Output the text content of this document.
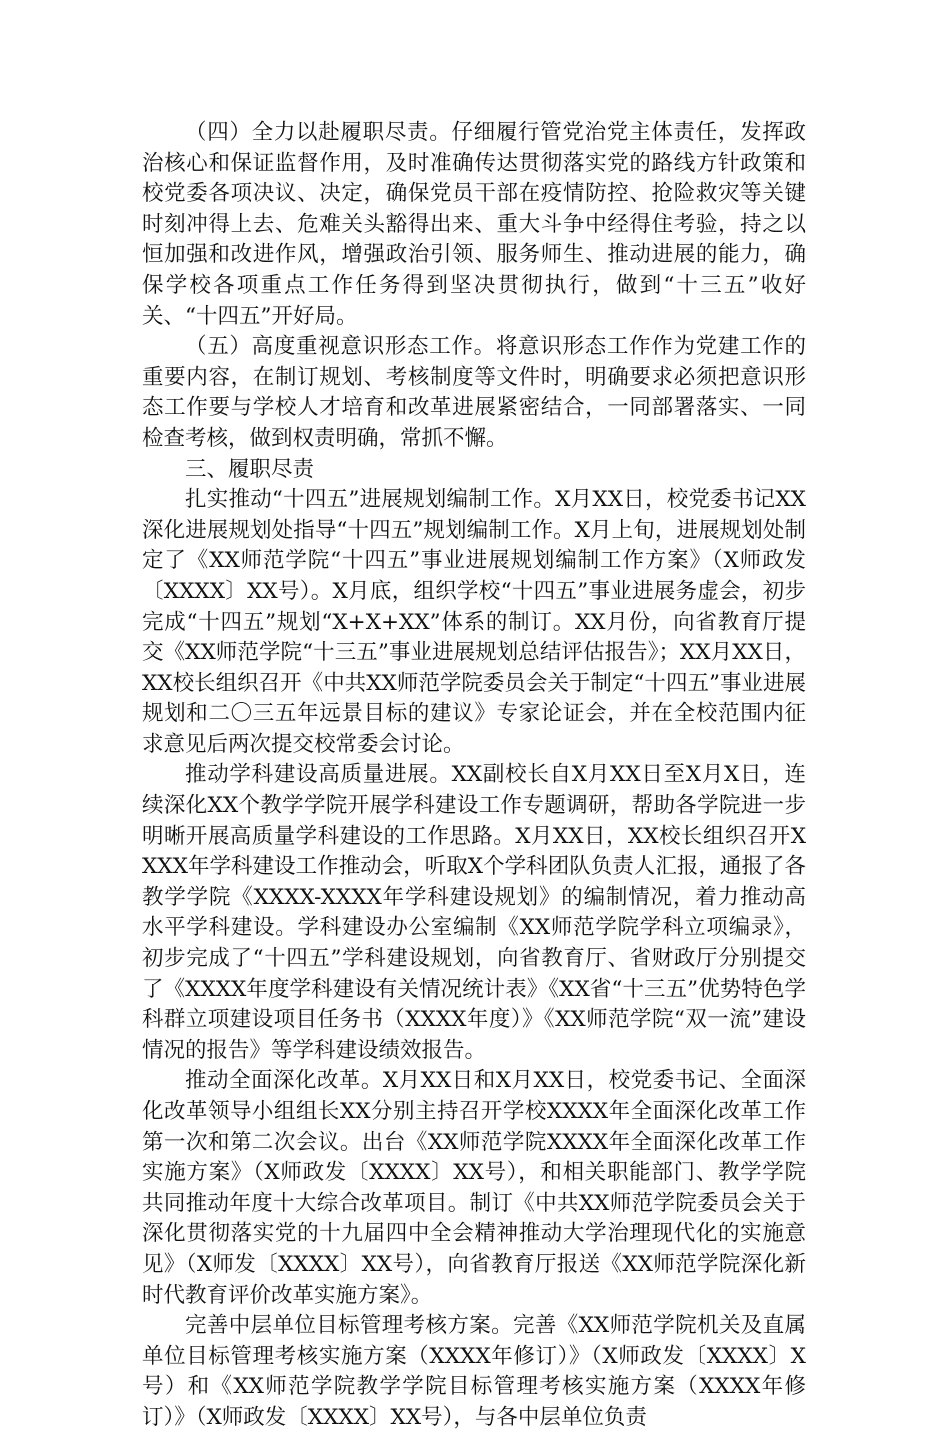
（四）全力以赴履职尽责。仔细履行管党治党主体责任，发挥政治核心和保证监督作用，及时准确传达贯彻落实党的路线方针政策和校党委各项决议、决定，确保党员干部在疫情防控、抢险救灾等关键时刻冲得上去、危难关头豁得出来、重大斗争中经得住考验，持之以恒加强和改进作风，增强政治引领、服务师生、推动进展的能力，确保学校各项重点工作任务得到坚决贯彻执行，做到“十三五”收好关、“十四五”开好局。

（五）高度重视意识形态工作。将意识形态工作作为党建工作的重要内容，在制订规划、考核制度等文件时，明确要求必须把意识形态工作要与学校人才培育和改革进展紧密结合，一同部署落实、一同检查考核，做到权责明确，常抓不懈。

三、履职尽责

扎实推动“十四五”进展规划编制工作。X月XX日，校党委书记XX深化进展规划处指导“十四五”规划编制工作。X月上旬，进展规划处制定了《XX师范学院“十四五”事业进展规划编制工作方案》（X师政发〔XXXX〕XX号）。X月底，组织学校“十四五”事业进展务虚会，初步完成“十四五”规划“X+X+XX”体系的制订。XX月份，向省教育厅提交《XX师范学院“十三五”事业进展规划总结评估报告》；XX月XX日，XX校长组织召开《中共XX师范学院委员会关于制定“十四五”事业进展规划和二〇三五年远景目标的建议》专家论证会，并在全校范围内征求意见后两次提交校常委会讨论。

推动学科建设高质量进展。XX副校长自X月XX日至X月X日，连续深化XX个教学学院开展学科建设工作专题调研，帮助各学院进一步明晰开展高质量学科建设的工作思路。X月XX日，XX校长组织召开XXXX年学科建设工作推动会，听取X个学科团队负责人汇报，通报了各教学学院《XXXX-XXXX年学科建设规划》的编制情况，着力推动高水平学科建设。学科建设办公室编制《XX师范学院学科立项编录》，初步完成了“十四五”学科建设规划，向省教育厅、省财政厅分别提交了《XXXX年度学科建设有关情况统计表》《XX省“十三五”优势特色学科群立项建设项目任务书（XXXX年度）》《XX师范学院“双一流”建设情况的报告》等学科建设绩效报告。

推动全面深化改革。X月XX日和X月XX日，校党委书记、全面深化改革领导小组组长XX分别主持召开学校XXXX年全面深化改革工作第一次和第二次会议。出台《XX师范学院XXXX年全面深化改革工作实施方案》（X师政发〔XXXX〕XX号），和相关职能部门、教学学院共同推动年度十大综合改革项目。制订《中共XX师范学院委员会关于深化贯彻落实党的十九届四中全会精神推动大学治理现代化的实施意见》（X师发〔XXXX〕XX号），向省教育厅报送《XX师范学院深化新时代教育评价改革实施方案》。

完善中层单位目标管理考核方案。完善《XX师范学院机关及直属单位目标管理考核实施方案（XXXX年修订）》（X师政发〔XXXX〕X号）和《XX师范学院教学学院目标管理考核实施方案（XXXX年修订）》（X师政发〔XXXX〕XX号），与各中层单位负责
